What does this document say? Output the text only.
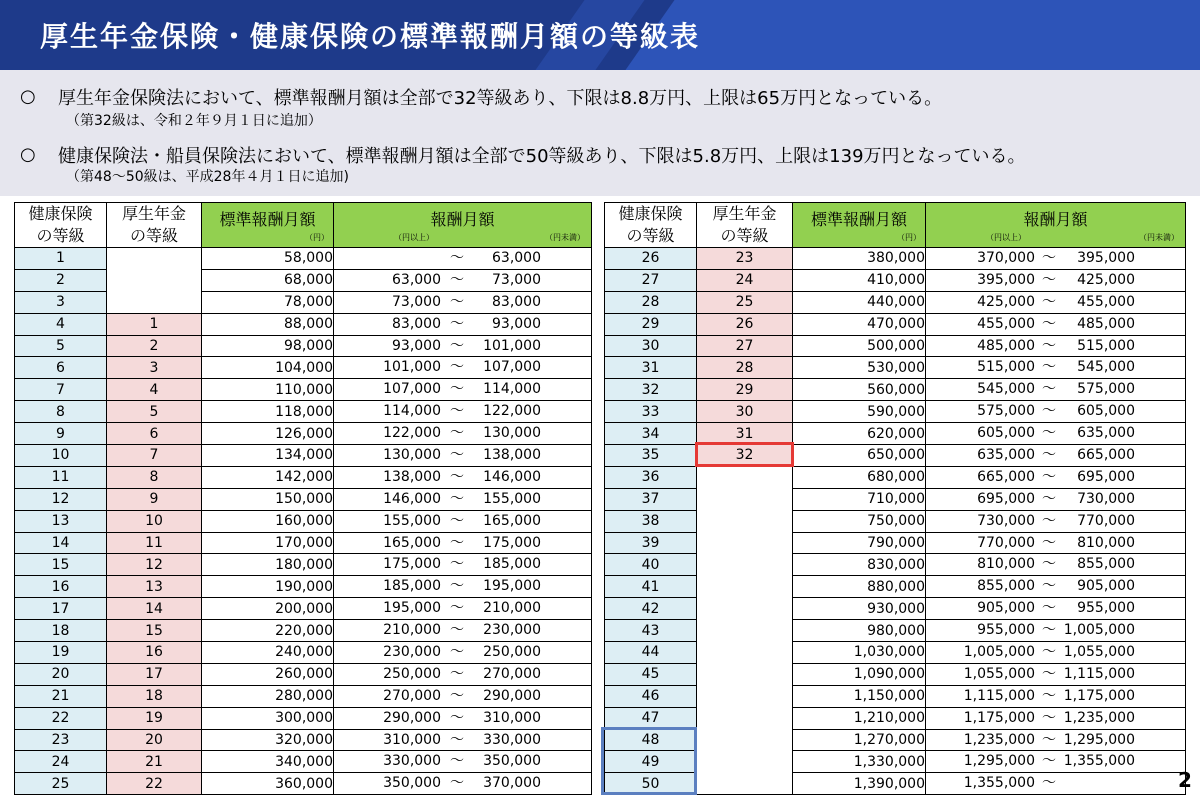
厚生年金保険・健康保険の標準報酬月額の等級表
○ 厚生年金保険法において、標準報酬月額は全部で32等級あり、下限は8.8万円、上限は65万円となっている。
（第32級は、令和２年９月１日に追加）
○ 健康保険法・船員保険法において、標準報酬月額は全部で50等級あり、下限は5.8万円、上限は139万円となっている。
（第48～50級は、平成28年４月１日に追加)
健康保険
の等級	厚生年金
の等級	標準報酬月額
（円）	報酬月額
（円以上） （円未満）

1		58,000	～ 63,000

2		68,000	63,000 ～ 73,000

3		78,000	73,000 ～ 83,000

4	1	88,000	83,000 ～ 93,000

5	2	98,000	93,000 ～ 101,000

6	3	104,000	101,000 ～ 107,000

7	4	110,000	107,000 ～ 114,000

8	5	118,000	114,000 ～ 122,000

9	6	126,000	122,000 ～ 130,000

10	7	134,000	130,000 ～ 138,000

11	8	142,000	138,000 ～ 146,000

12	9	150,000	146,000 ～ 155,000

13	10	160,000	155,000 ～ 165,000

14	11	170,000	165,000 ～ 175,000

15	12	180,000	175,000 ～ 185,000

16	13	190,000	185,000 ～ 195,000

17	14	200,000	195,000 ～ 210,000

18	15	220,000	210,000 ～ 230,000

19	16	240,000	230,000 ～ 250,000

20	17	260,000	250,000 ～ 270,000

21	18	280,000	270,000 ～ 290,000

22	19	300,000	290,000 ～ 310,000

23	20	320,000	310,000 ～ 330,000

24	21	340,000	330,000 ～ 350,000

25	22	360,000	350,000 ～ 370,000
健康保険
の等級	厚生年金
の等級	標準報酬月額
（円）	報酬月額
（円以上） （円未満）

26	23	380,000	370,000 ～ 395,000

27	24	410,000	395,000 ～ 425,000

28	25	440,000	425,000 ～ 455,000

29	26	470,000	455,000 ～ 485,000

30	27	500,000	485,000 ～ 515,000

31	28	530,000	515,000 ～ 545,000

32	29	560,000	545,000 ～ 575,000

33	30	590,000	575,000 ～ 605,000

34	31	620,000	605,000 ～ 635,000

35	32	650,000	635,000 ～ 665,000

36		680,000	665,000 ～ 695,000

37		710,000	695,000 ～ 730,000

38		750,000	730,000 ～ 770,000

39		790,000	770,000 ～ 810,000

40		830,000	810,000 ～ 855,000

41		880,000	855,000 ～ 905,000

42		930,000	905,000 ～ 955,000

43		980,000	955,000 ～ 1,005,000

44		1,030,000	1,005,000 ～ 1,055,000

45		1,090,000	1,055,000 ～ 1,115,000

46		1,150,000	1,115,000 ～ 1,175,000

47		1,210,000	1,175,000 ～ 1,235,000

48		1,270,000	1,235,000 ～ 1,295,000

49		1,330,000	1,295,000 ～ 1,355,000

50		1,390,000	1,355,000 ～	2
